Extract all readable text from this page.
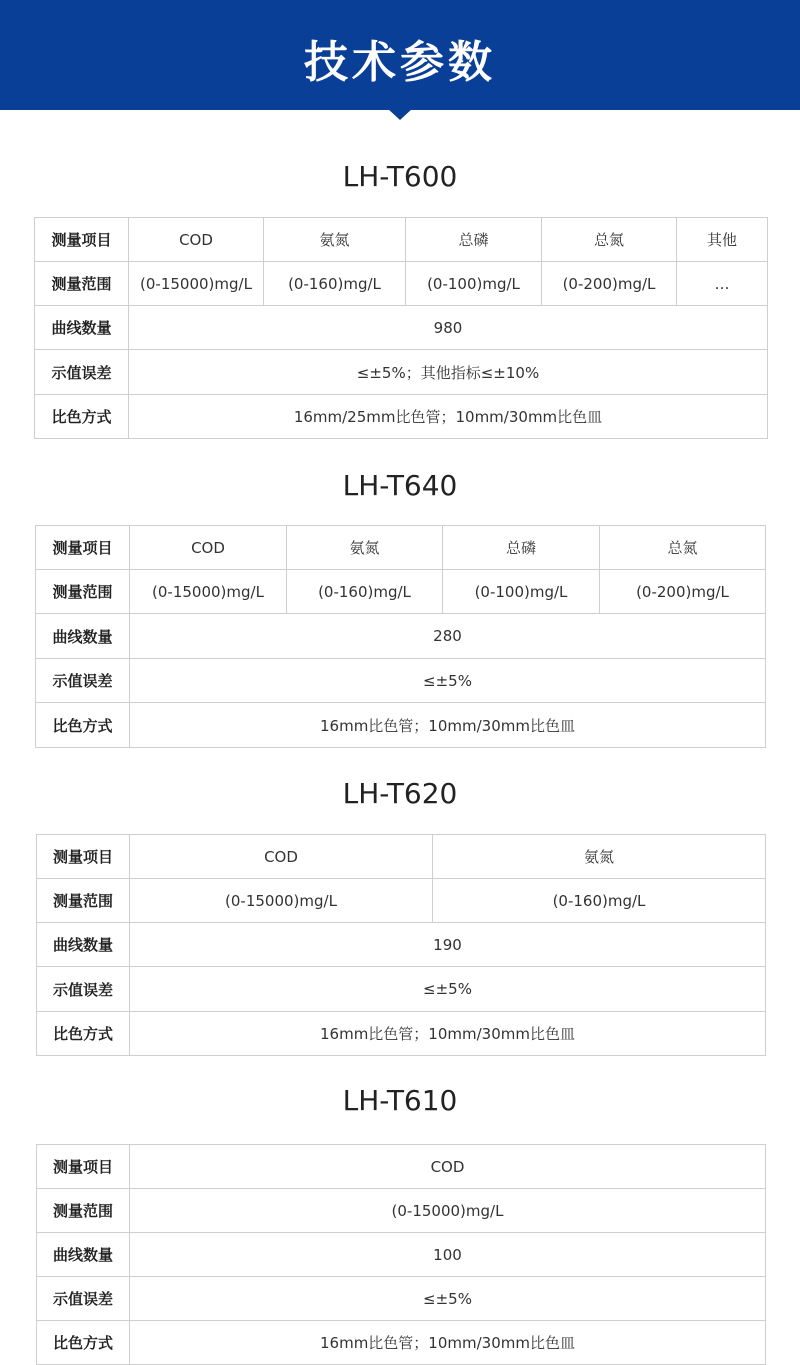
技术参数
LH-T600
测量项目	COD	氨氮	总磷	总氮	其他
测量范围	(0-15000)mg/L	(0-160)mg/L	(0-100)mg/L	(0-200)mg/L	…
曲线数量	980				
示值误差	≤±5%；其他指标≤±10%				
比色方式	16mm/25mm比色管；10mm/30mm比色皿				
LH-T640
测量项目	COD	氨氮	总磷	总氮
测量范围	(0-15000)mg/L	(0-160)mg/L	(0-100)mg/L	(0-200)mg/L
曲线数量	280			
示值误差	≤±5%			
比色方式	16mm比色管；10mm/30mm比色皿			
LH-T620
测量项目	COD	氨氮
测量范围	(0-15000)mg/L	(0-160)mg/L
曲线数量	190	
示值误差	≤±5%	
比色方式	16mm比色管；10mm/30mm比色皿	
LH-T610
测量项目	COD
测量范围	(0-15000)mg/L
曲线数量	100
示值误差	≤±5%
比色方式	16mm比色管；10mm/30mm比色皿
